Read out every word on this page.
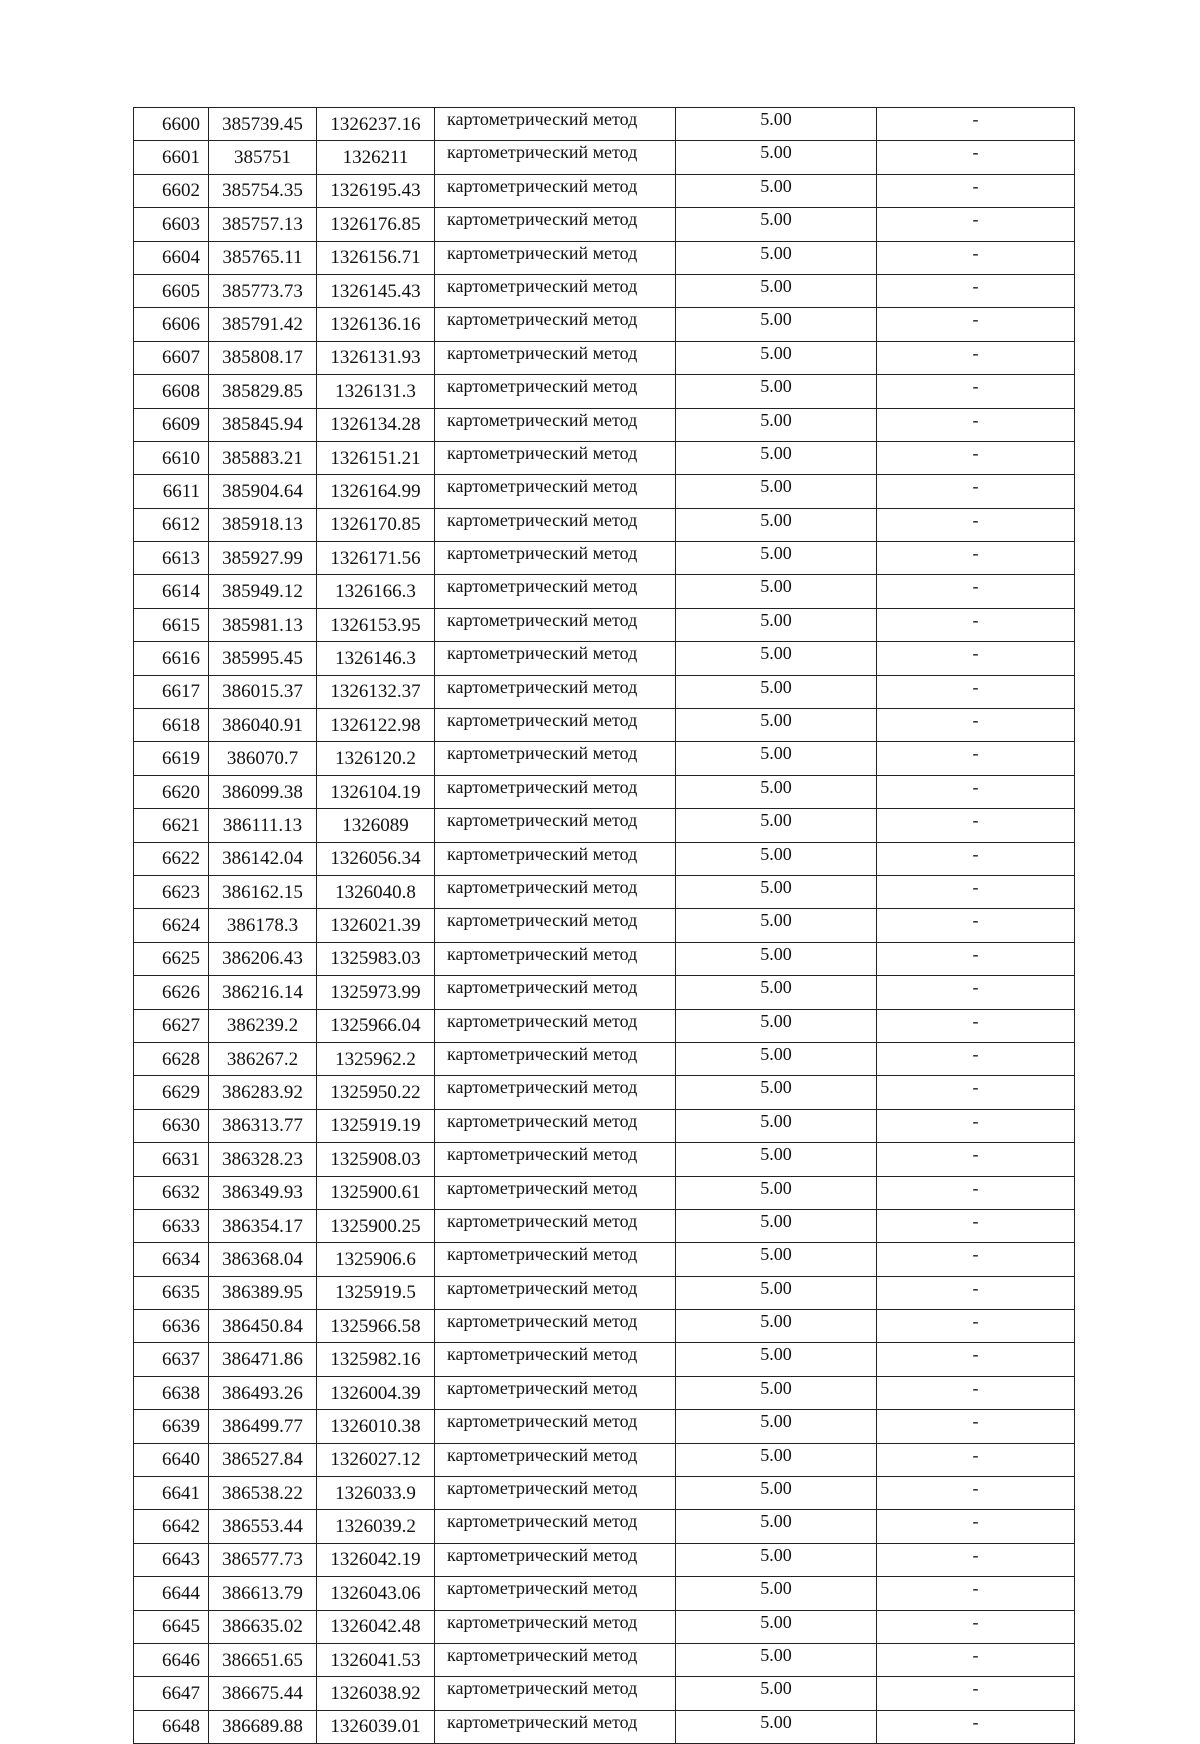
6600	385739.45	1326237.16	картометрический метод	5.00	-
6601	385751	1326211	картометрический метод	5.00	-
6602	385754.35	1326195.43	картометрический метод	5.00	-
6603	385757.13	1326176.85	картометрический метод	5.00	-
6604	385765.11	1326156.71	картометрический метод	5.00	-
6605	385773.73	1326145.43	картометрический метод	5.00	-
6606	385791.42	1326136.16	картометрический метод	5.00	-
6607	385808.17	1326131.93	картометрический метод	5.00	-
6608	385829.85	1326131.3	картометрический метод	5.00	-
6609	385845.94	1326134.28	картометрический метод	5.00	-
6610	385883.21	1326151.21	картометрический метод	5.00	-
6611	385904.64	1326164.99	картометрический метод	5.00	-
6612	385918.13	1326170.85	картометрический метод	5.00	-
6613	385927.99	1326171.56	картометрический метод	5.00	-
6614	385949.12	1326166.3	картометрический метод	5.00	-
6615	385981.13	1326153.95	картометрический метод	5.00	-
6616	385995.45	1326146.3	картометрический метод	5.00	-
6617	386015.37	1326132.37	картометрический метод	5.00	-
6618	386040.91	1326122.98	картометрический метод	5.00	-
6619	386070.7	1326120.2	картометрический метод	5.00	-
6620	386099.38	1326104.19	картометрический метод	5.00	-
6621	386111.13	1326089	картометрический метод	5.00	-
6622	386142.04	1326056.34	картометрический метод	5.00	-
6623	386162.15	1326040.8	картометрический метод	5.00	-
6624	386178.3	1326021.39	картометрический метод	5.00	-
6625	386206.43	1325983.03	картометрический метод	5.00	-
6626	386216.14	1325973.99	картометрический метод	5.00	-
6627	386239.2	1325966.04	картометрический метод	5.00	-
6628	386267.2	1325962.2	картометрический метод	5.00	-
6629	386283.92	1325950.22	картометрический метод	5.00	-
6630	386313.77	1325919.19	картометрический метод	5.00	-
6631	386328.23	1325908.03	картометрический метод	5.00	-
6632	386349.93	1325900.61	картометрический метод	5.00	-
6633	386354.17	1325900.25	картометрический метод	5.00	-
6634	386368.04	1325906.6	картометрический метод	5.00	-
6635	386389.95	1325919.5	картометрический метод	5.00	-
6636	386450.84	1325966.58	картометрический метод	5.00	-
6637	386471.86	1325982.16	картометрический метод	5.00	-
6638	386493.26	1326004.39	картометрический метод	5.00	-
6639	386499.77	1326010.38	картометрический метод	5.00	-
6640	386527.84	1326027.12	картометрический метод	5.00	-
6641	386538.22	1326033.9	картометрический метод	5.00	-
6642	386553.44	1326039.2	картометрический метод	5.00	-
6643	386577.73	1326042.19	картометрический метод	5.00	-
6644	386613.79	1326043.06	картометрический метод	5.00	-
6645	386635.02	1326042.48	картометрический метод	5.00	-
6646	386651.65	1326041.53	картометрический метод	5.00	-
6647	386675.44	1326038.92	картометрический метод	5.00	-
6648	386689.88	1326039.01	картометрический метод	5.00	-
